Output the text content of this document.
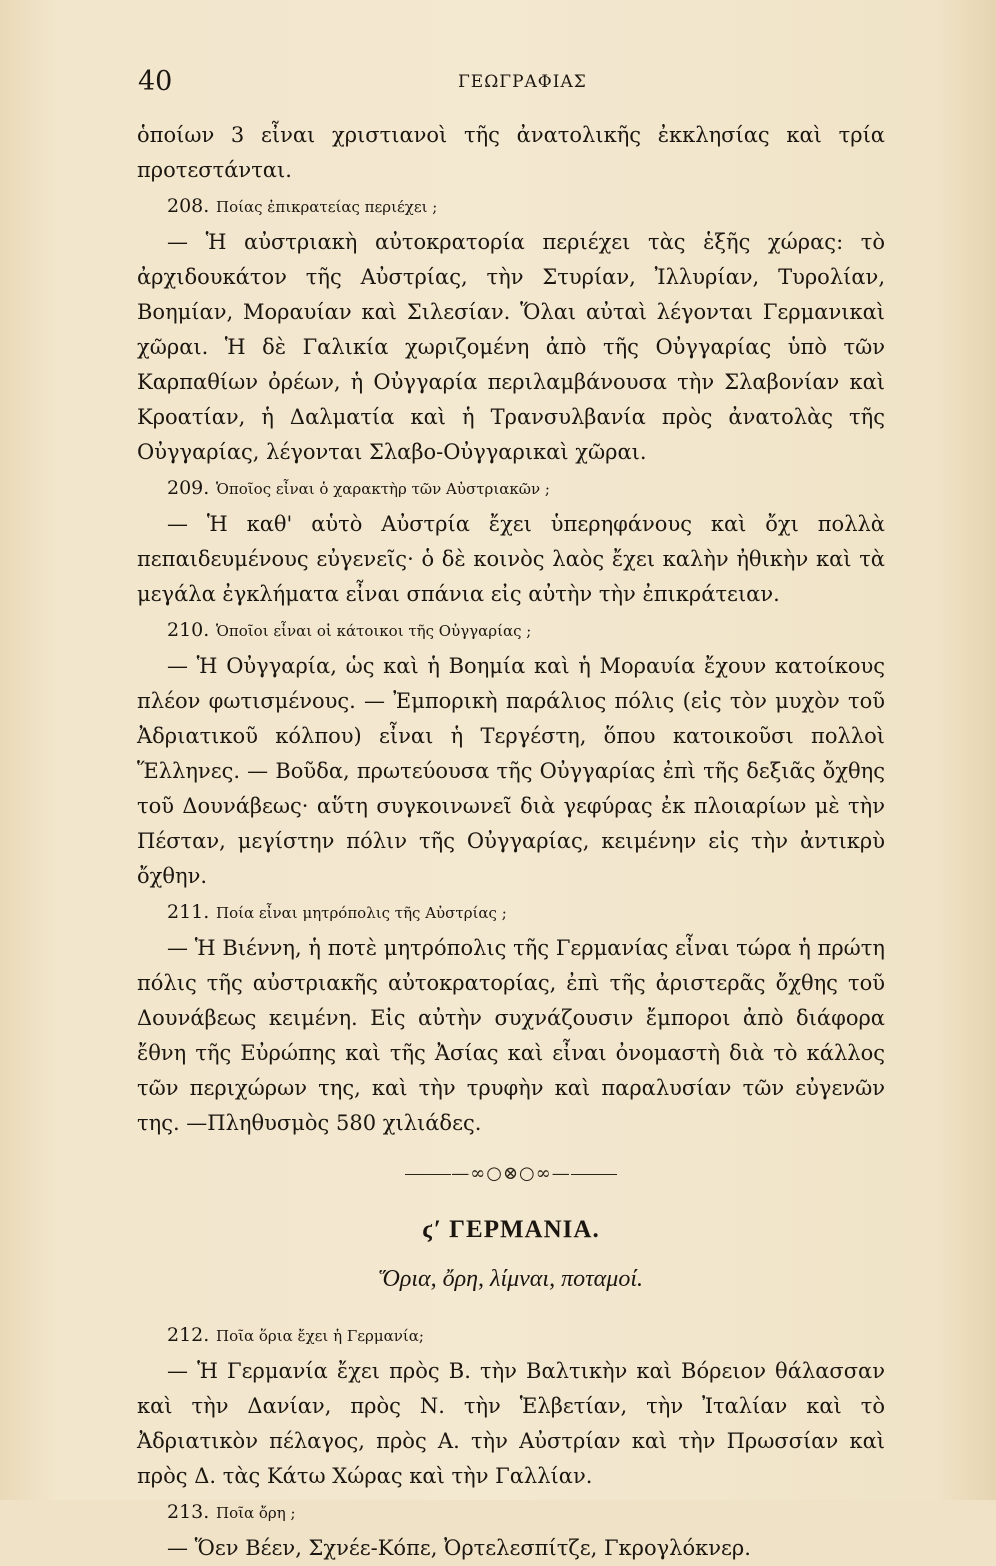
40	ΓΕΩΓΡΑΦΙΑΣ

ὁποίων 3 εἶναι χριστιανοὶ τῆς ἀνατολικῆς ἐκκλησίας καὶ τρία προτεστάνται.

208. Ποίας ἐπικρατείας περιέχει ;

— Ἡ αὐστριακὴ αὐτοκρατορία περιέχει τὰς ἑξῆς χώρας: τὸ ἀρχιδουκάτον τῆς Αὐστρίας, τὴν Στυρίαν, Ἰλλυρίαν, Τυρολίαν, Βοημίαν, Μοραυίαν καὶ Σιλεσίαν. Ὅλαι αὐταὶ λέγονται Γερμανικαὶ χῶραι. Ἡ δὲ Γαλικία χωριζομένη ἀπὸ τῆς Οὐγγαρίας ὑπὸ τῶν Καρπαθίων ὀρέων, ἡ Οὐγγαρία περιλαμβάνουσα τὴν Σλαβονίαν καὶ Κροατίαν, ἡ Δαλματία καὶ ἡ Τρανσυλβανία πρὸς ἀνατολὰς τῆς Οὐγγαρίας, λέγονται Σλαβο-Οὐγγαρικαὶ χῶραι.

209. Ὁποῖος εἶναι ὁ χαρακτὴρ τῶν Αὐστριακῶν ;

— Ἡ καθ' αὑτὸ Αὐστρία ἔχει ὑπερηφάνους καὶ ὄχι πολλὰ πεπαιδευμένους εὐγενεῖς· ὁ δὲ κοινὸς λαὸς ἔχει καλὴν ἠθικὴν καὶ τὰ μεγάλα ἐγκλήματα εἶναι σπάνια εἰς αὐτὴν τὴν ἐπικράτειαν.

210. Ὁποῖοι εἶναι οἱ κάτοικοι τῆς Οὐγγαρίας ;

— Ἡ Οὐγγαρία, ὡς καὶ ἡ Βοημία καὶ ἡ Μοραυία ἔχουν κατοίκους πλέον φωτισμένους. — Ἐμπορικὴ παράλιος πόλις (εἰς τὸν μυχὸν τοῦ Ἀδριατικοῦ κόλπου) εἶναι ἡ Τεργέστη, ὅπου κατοικοῦσι πολλοὶ Ἕλληνες. — Βοῦδα, πρωτεύουσα τῆς Οὐγγαρίας ἐπὶ τῆς δεξιᾶς ὄχθης τοῦ Δουνάβεως· αὕτη συγκοινωνεῖ διὰ γεφύρας ἐκ πλοιαρίων μὲ τὴν Πέσταν, μεγίστην πόλιν τῆς Οὐγγαρίας, κειμένην εἰς τὴν ἀντικρὺ ὄχθην.

211. Ποία εἶναι μητρόπολις τῆς Αὐστρίας ;

— Ἡ Βιέννη, ἡ ποτὲ μητρόπολις τῆς Γερμανίας εἶναι τώρα ἡ πρώτη πόλις τῆς αὐστριακῆς αὐτοκρατορίας, ἐπὶ τῆς ἀριστερᾶς ὄχθης τοῦ Δουνάβεως κειμένη. Εἰς αὐτὴν συχνάζουσιν ἔμποροι ἀπὸ διάφορα ἔθνη τῆς Εὐρώπης καὶ τῆς Ἀσίας καὶ εἶναι ὀνομαστὴ διὰ τὸ κάλλος τῶν περιχώρων της, καὶ τὴν τρυφὴν καὶ παραλυσίαν τῶν εὐγενῶν της. —Πληθυσμὸς 580 χιλιάδες.

—∞○⊗○∞—
ϛʹ ΓΕΡΜΑΝΙΑ.
Ὅρια, ὄρη, λίμναι, ποταμοί.

212. Ποῖα ὅρια ἔχει ἡ Γερμανία;

— Ἡ Γερμανία ἔχει πρὸς Β. τὴν Βαλτικὴν καὶ Βόρειον θάλασσαν καὶ τὴν Δανίαν, πρὸς Ν. τὴν Ἑλβετίαν, τὴν Ἰταλίαν καὶ τὸ Ἀδριατικὸν πέλαγος, πρὸς Α. τὴν Αὐστρίαν καὶ τὴν Πρωσσίαν καὶ πρὸς Δ. τὰς Κάτω Χώρας καὶ τὴν Γαλλίαν.

213. Ποῖα ὄρη ;

— Ὅεν Βέεν, Σχνέε-Κόπε, Ὀρτελεσπίτζε, Γκρογλόκνερ.
